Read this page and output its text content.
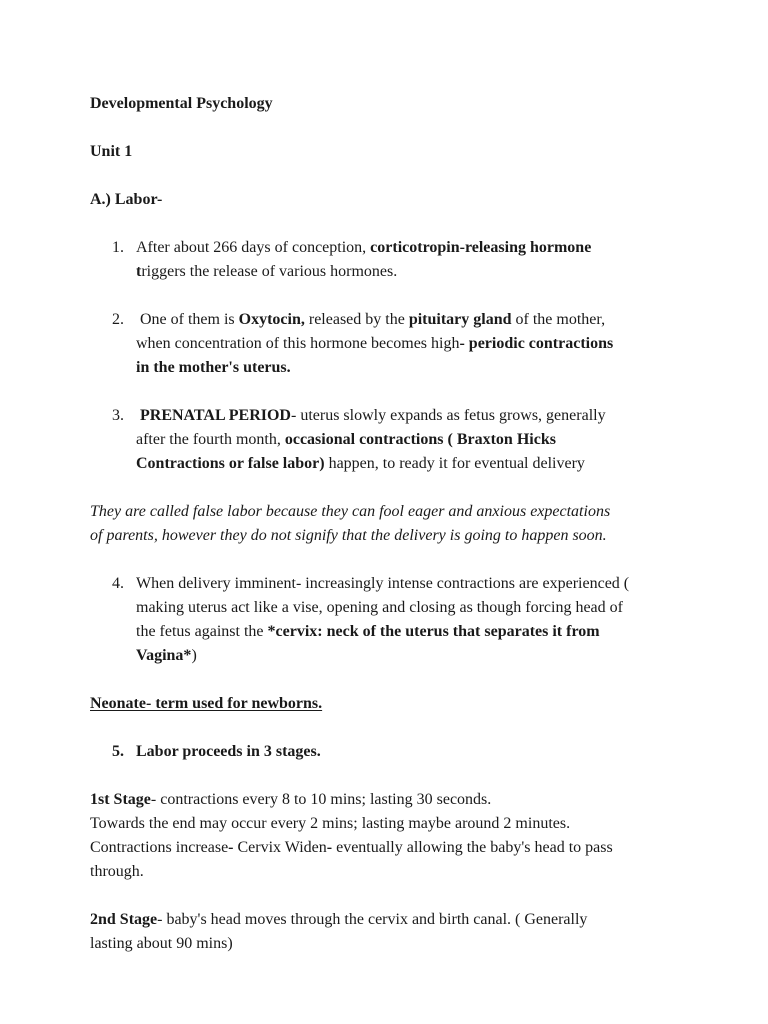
Developmental Psychology

Unit 1

A.) Labor-

1. After about 266 days of conception, corticotropin-releasing hormone

triggers the release of various hormones.

2. One of them is Oxytocin, released by the pituitary gland of the mother,

when concentration of this hormone becomes high- periodic contractions

in the mother's uterus.

3. PRENATAL PERIOD- uterus slowly expands as fetus grows, generally

after the fourth month, occasional contractions ( Braxton Hicks

Contractions or false labor) happen, to ready it for eventual delivery

They are called false labor because they can fool eager and anxious expectations

of parents, however they do not signify that the delivery is going to happen soon.

4. When delivery imminent- increasingly intense contractions are experienced (

making uterus act like a vise, opening and closing as though forcing head of

the fetus against the *cervix: neck of the uterus that separates it from

Vagina*)

Neonate- term used for newborns.

5. Labor proceeds in 3 stages.

1st Stage- contractions every 8 to 10 mins; lasting 30 seconds.

Towards the end may occur every 2 mins; lasting maybe around 2 minutes.

Contractions increase- Cervix Widen- eventually allowing the baby's head to pass

through.

2nd Stage- baby's head moves through the cervix and birth canal. ( Generally

lasting about 90 mins)
